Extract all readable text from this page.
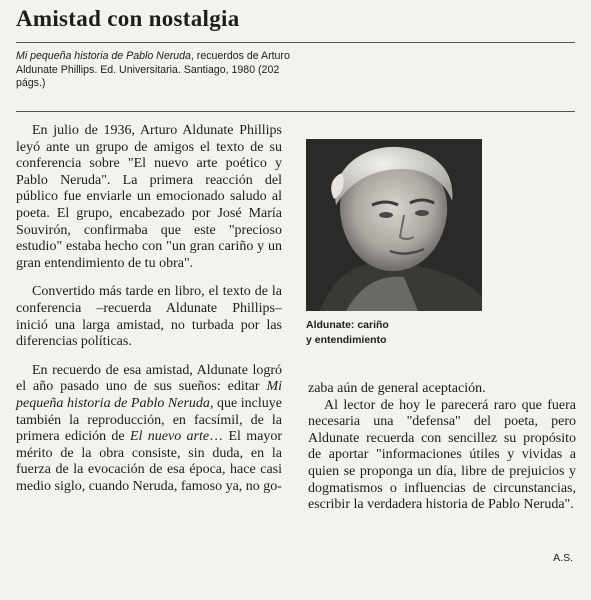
Amistad con nostalgia
Mi pequeña historia de Pablo Neruda, recuerdos de Arturo Aldunate Phillips. Ed. Universitaria. Santiago, 1980 (202 págs.)

En julio de 1936, Arturo Aldunate Phillips leyó ante un grupo de amigos el texto de su conferencia sobre "El nuevo arte poético y Pablo Neruda". La primera reacción del público fue enviarle un emocionado saludo al poeta. El grupo, encabezado por José María Souvirón, confirmaba que este "precioso estudio" estaba hecho con "un gran cariño y un gran entendimiento de tu obra".

Convertido más tarde en libro, el texto de la conferencia –recuerda Aldunate Phillips– inició una larga amistad, no turbada por las diferencias políticas.

En recuerdo de esa amistad, Aldunate logró el año pasado uno de sus sueños: editar Mi pequeña historia de Pablo Neruda, que incluye también la reproducción, en facsímil, de la primera edición de El nuevo arte… El mayor mérito de la obra consiste, sin duda, en la fuerza de la evocación de esa época, hace casi medio siglo, cuando Neruda, famoso ya, no go-

Aldunate: cariño
y entendimiento

zaba aún de general aceptación.

Al lector de hoy le parecerá raro que fuera necesaria una "defensa" del poeta, pero Aldunate recuerda con sencillez su propósito de aportar "informaciones útiles y vividas a quien se proponga un día, libre de prejuicios y dogmatismos o influencias de circunstancias, escribir la verdadera historia de Pablo Neruda".

A.S.
